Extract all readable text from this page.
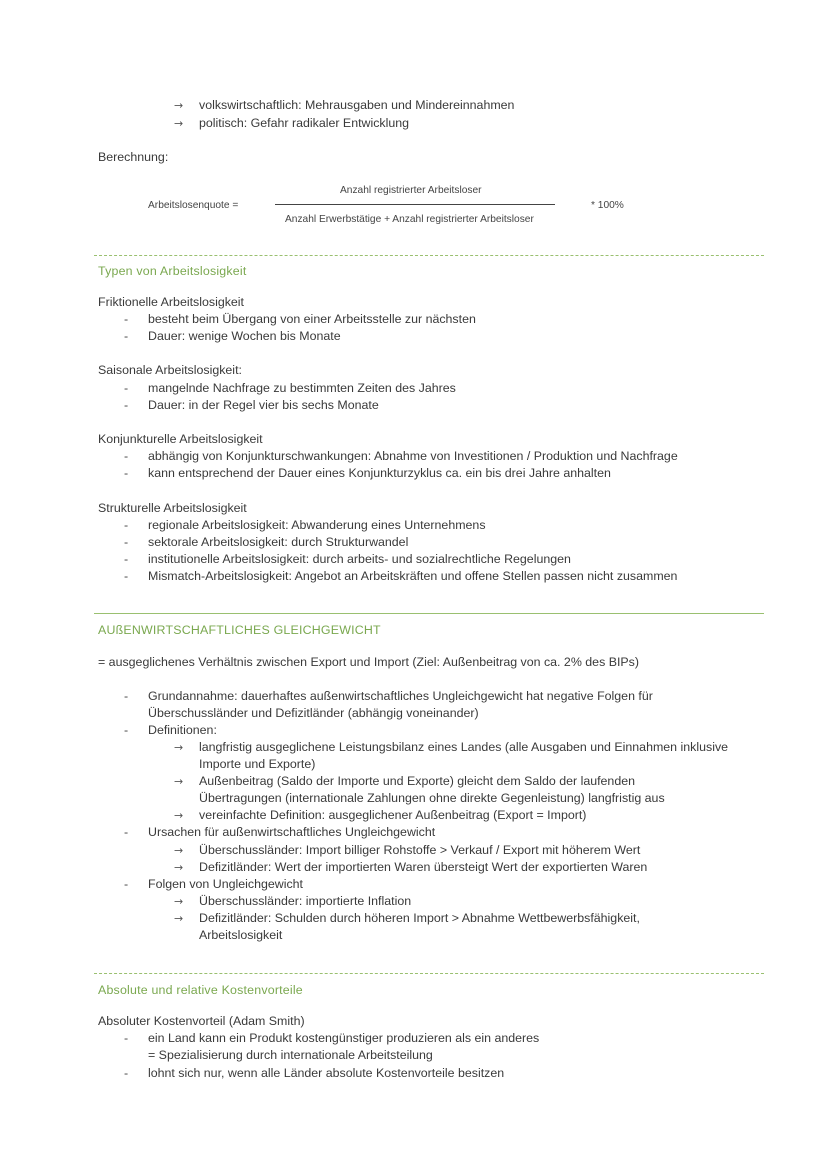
→ volkswirtschaftlich: Mehrausgaben und Mindereinnahmen
→ politisch: Gefahr radikaler Entwicklung
Berechnung:
Arbeitslosenquote =
Anzahl registrierter Arbeitsloser
Anzahl Erwerbstätige + Anzahl registrierter Arbeitsloser
* 100%
Typen von Arbeitslosigkeit
Friktionelle Arbeitslosigkeit
- besteht beim Übergang von einer Arbeitsstelle zur nächsten
- Dauer: wenige Wochen bis Monate
Saisonale Arbeitslosigkeit:
- mangelnde Nachfrage zu bestimmten Zeiten des Jahres
- Dauer: in der Regel vier bis sechs Monate
Konjunkturelle Arbeitslosigkeit
- abhängig von Konjunkturschwankungen: Abnahme von Investitionen / Produktion und Nachfrage
- kann entsprechend der Dauer eines Konjunkturzyklus ca. ein bis drei Jahre anhalten
Strukturelle Arbeitslosigkeit
- regionale Arbeitslosigkeit: Abwanderung eines Unternehmens
- sektorale Arbeitslosigkeit: durch Strukturwandel
- institutionelle Arbeitslosigkeit: durch arbeits- und sozialrechtliche Regelungen
- Mismatch-Arbeitslosigkeit: Angebot an Arbeitskräften und offene Stellen passen nicht zusammen
AUßENWIRTSCHAFTLICHES GLEICHGEWICHT
= ausgeglichenes Verhältnis zwischen Export und Import (Ziel: Außenbeitrag von ca. 2% des BIPs)
- Grundannahme: dauerhaftes außenwirtschaftliches Ungleichgewicht hat negative Folgen für
Überschussländer und Defizitländer (abhängig voneinander)
- Definitionen:
→ langfristig ausgeglichene Leistungsbilanz eines Landes (alle Ausgaben und Einnahmen inklusive
Importe und Exporte)
→ Außenbeitrag (Saldo der Importe und Exporte) gleicht dem Saldo der laufenden
Übertragungen (internationale Zahlungen ohne direkte Gegenleistung) langfristig aus
→ vereinfachte Definition: ausgeglichener Außenbeitrag (Export = Import)
- Ursachen für außenwirtschaftliches Ungleichgewicht
→ Überschussländer: Import billiger Rohstoffe > Verkauf / Export mit höherem Wert
→ Defizitländer: Wert der importierten Waren übersteigt Wert der exportierten Waren
- Folgen von Ungleichgewicht
→ Überschussländer: importierte Inflation
→ Defizitländer: Schulden durch höheren Import > Abnahme Wettbewerbsfähigkeit,
Arbeitslosigkeit
Absolute und relative Kostenvorteile
Absoluter Kostenvorteil (Adam Smith)
- ein Land kann ein Produkt kostengünstiger produzieren als ein anderes
= Spezialisierung durch internationale Arbeitsteilung
- lohnt sich nur, wenn alle Länder absolute Kostenvorteile besitzen
